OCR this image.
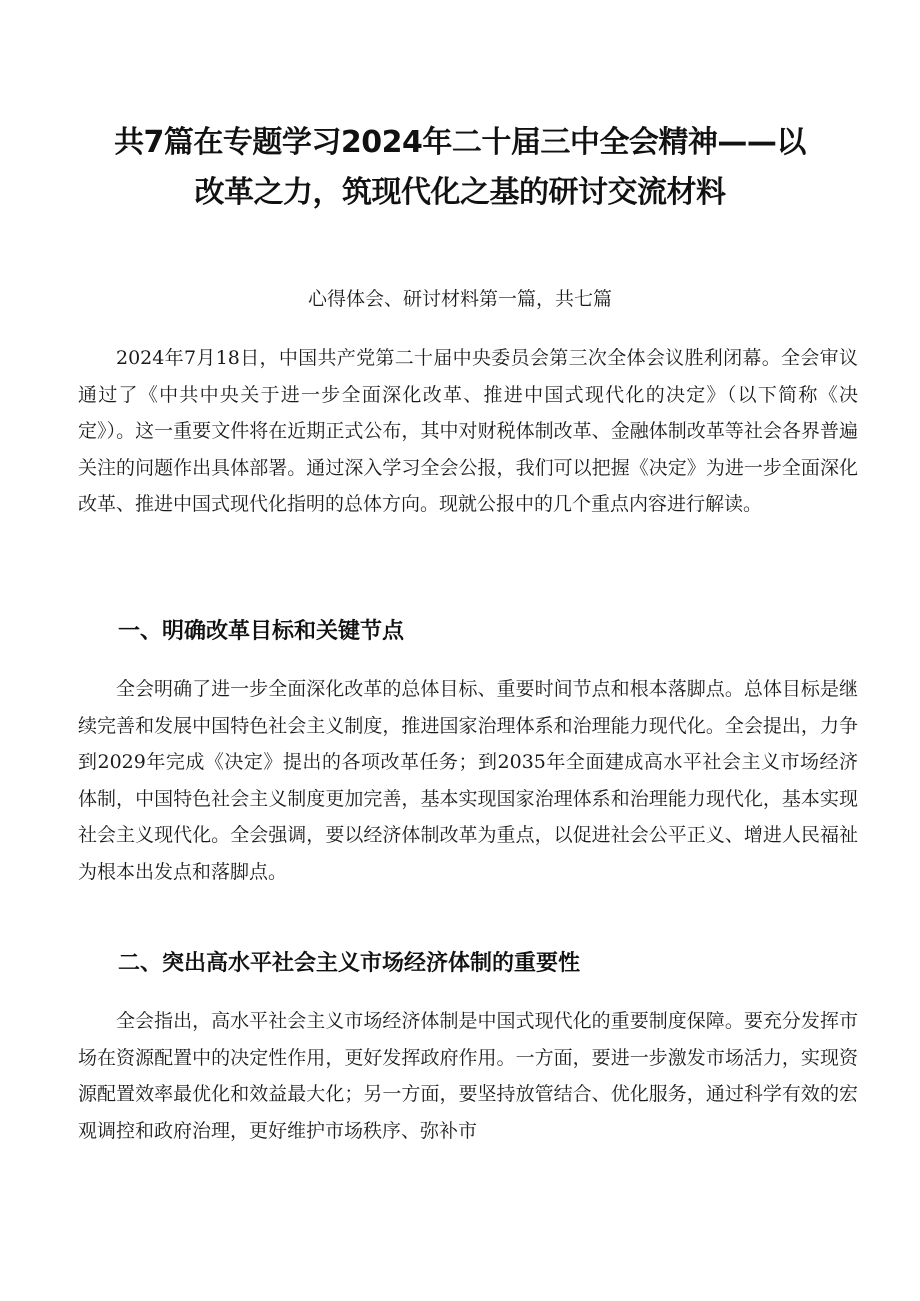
共7篇在专题学习2024年二十届三中全会精神——以
改革之力，筑现代化之基的研讨交流材料
心得体会、研讨材料第一篇，共七篇

2024年7月18日，中国共产党第二十届中央委员会第三次全体会议胜利闭幕。全会审议通过了《中共中央关于进一步全面深化改革、推进中国式现代化的决定》（以下简称《决定》）。这一重要文件将在近期正式公布，其中对财税体制改革、金融体制改革等社会各界普遍关注的问题作出具体部署。通过深入学习全会公报，我们可以把握《决定》为进一步全面深化改革、推进中国式现代化指明的总体方向。现就公报中的几个重点内容进行解读。

一、明确改革目标和关键节点

全会明确了进一步全面深化改革的总体目标、重要时间节点和根本落脚点。总体目标是继续完善和发展中国特色社会主义制度，推进国家治理体系和治理能力现代化。全会提出，力争到2029年完成《决定》提出的各项改革任务；到2035年全面建成高水平社会主义市场经济体制，中国特色社会主义制度更加完善，基本实现国家治理体系和治理能力现代化，基本实现社会主义现代化。全会强调，要以经济体制改革为重点，以促进社会公平正义、增进人民福祉为根本出发点和落脚点。

二、突出高水平社会主义市场经济体制的重要性

全会指出，高水平社会主义市场经济体制是中国式现代化的重要制度保障。要充分发挥市场在资源配置中的决定性作用，更好发挥政府作用。一方面，要进一步激发市场活力，实现资源配置效率最优化和效益最大化；另一方面，要坚持放管结合、优化服务，通过科学有效的宏观调控和政府治理，更好维护市场秩序、弥补市
